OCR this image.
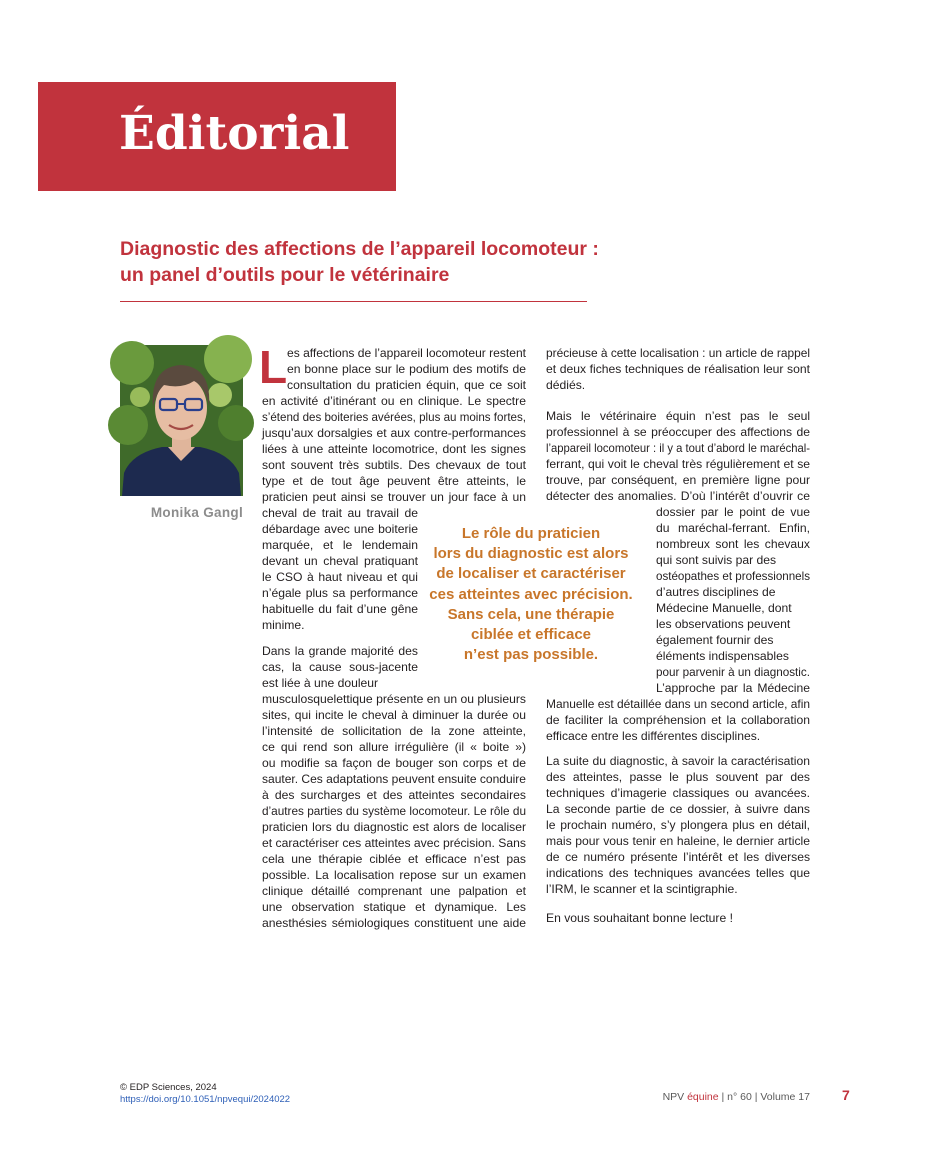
Éditorial
Diagnostic des affections de l’appareil locomoteur :
un panel d’outils pour le vétérinaire
Monika Gangl
L
Le rôle du praticien
lors du diagnostic est alors
de localiser et caractériser
ces atteintes avec précision.
Sans cela, une thérapie
ciblée et efficace
n’est pas possible.
es affections de l’appareil locomoteur restent
en bonne place sur le podium des motifs de
consultation du praticien équin, que ce soit
en activité d’itinérant ou en clinique. Le spectre
s’étend des boiteries avérées, plus au moins fortes,
jusqu’aux dorsalgies et aux contre-performances
liées à une atteinte locomotrice, dont les signes
sont souvent très subtils. Des chevaux de tout
type et de tout âge peuvent être atteints, le
praticien peut ainsi se trouver un jour face à un
cheval de trait au travail de
débardage avec une boiterie
marquée, et le lendemain
devant un cheval pratiquant
le CSO à haut niveau et qui
n’égale plus sa performance
habituelle du fait d’une gêne
minime.
Dans la grande majorité des
cas, la cause sous-jacente
est liée à une douleur
musculosquelettique présente en un ou plusieurs
sites, qui incite le cheval à diminuer la durée ou
l’intensité de sollicitation de la zone atteinte,
ce qui rend son allure irrégulière (il « boite »)
ou modifie sa façon de bouger son corps et de
sauter. Ces adaptations peuvent ensuite conduire
à des surcharges et des atteintes secondaires
d’autres parties du système locomoteur. Le rôle du
praticien lors du diagnostic est alors de localiser
et caractériser ces atteintes avec précision. Sans
cela une thérapie ciblée et efficace n’est pas
possible. La localisation repose sur un examen
clinique détaillé comprenant une palpation et
une observation statique et dynamique. Les
anesthésies sémiologiques constituent une aide
précieuse à cette localisation : un article de rappel
et deux fiches techniques de réalisation leur sont
dédiés.
Mais le vétérinaire équin n’est pas le seul
professionnel à se préoccuper des affections de
l’appareil locomoteur : il y a tout d’abord le maréchal-
ferrant, qui voit le cheval très régulièrement et se
trouve, par conséquent, en première ligne pour
détecter des anomalies. D’où l’intérêt d’ouvrir ce
dossier par le point de vue
du maréchal-ferrant. Enfin,
nombreux sont les chevaux
qui sont suivis par des
ostéopathes et professionnels
d’autres disciplines de
Médecine Manuelle, dont
les observations peuvent
également fournir des
éléments indispensables
pour parvenir à un diagnostic.
L’approche par la Médecine
Manuelle est détaillée dans un second article, afin
de faciliter la compréhension et la collaboration
efficace entre les différentes disciplines.
La suite du diagnostic, à savoir la caractérisation
des atteintes, passe le plus souvent par des
techniques d’imagerie classiques ou avancées.
La seconde partie de ce dossier, à suivre dans
le prochain numéro, s’y plongera plus en détail,
mais pour vous tenir en haleine, le dernier article
de ce numéro présente l’intérêt et les diverses
indications des techniques avancées telles que
l’IRM, le scanner et la scintigraphie.
En vous souhaitant bonne lecture !
© EDP Sciences, 2024
https://doi.org/10.1051/npvequi/2024022	NPV équine | n° 60 | Volume 17 7
